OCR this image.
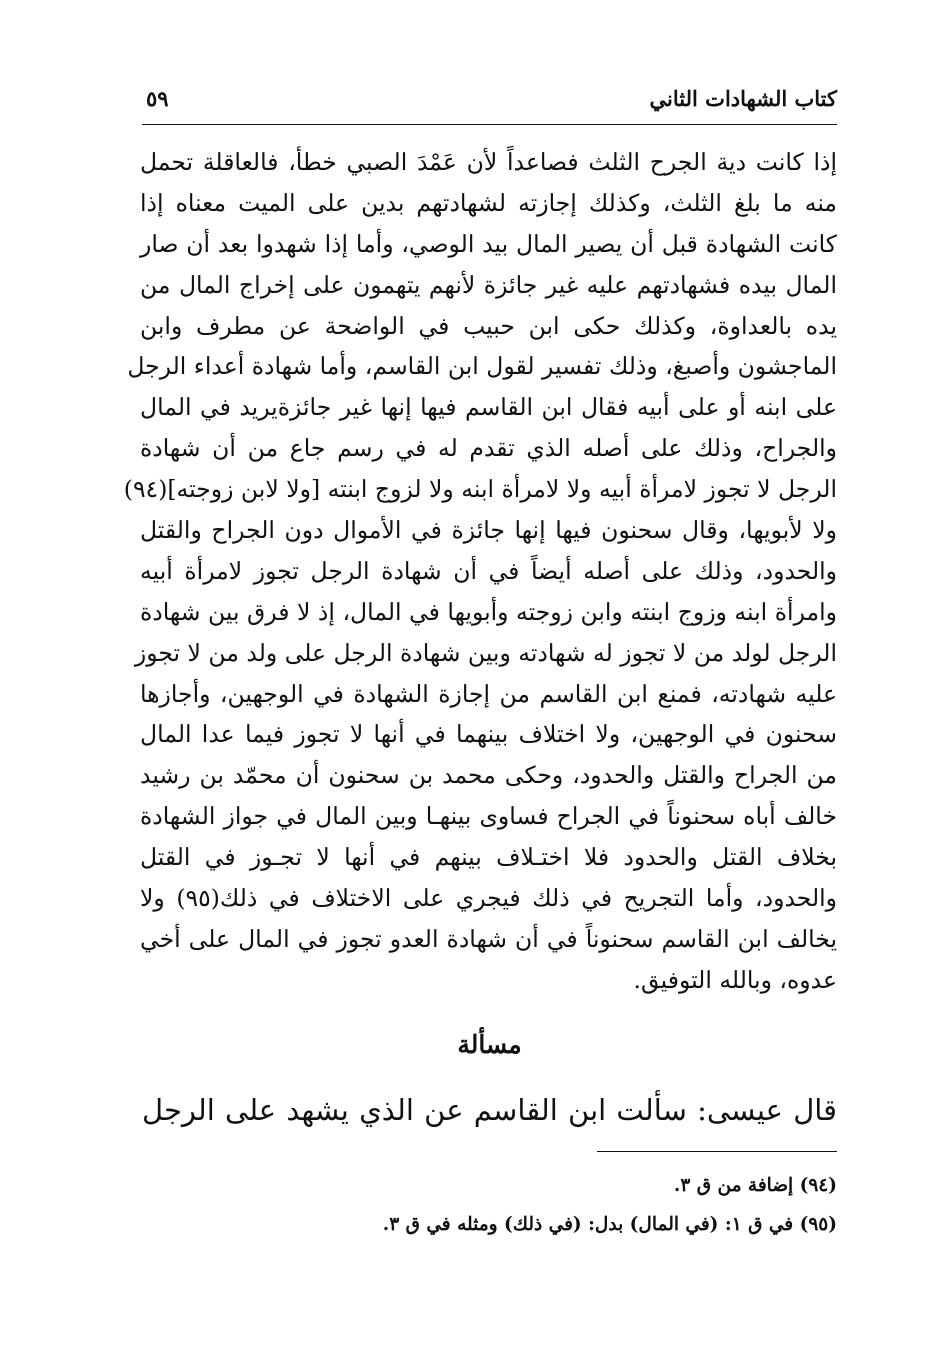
كتاب الشهادات الثاني
٥٩
إذا كانت دية الجرح الثلث فصاعداً لأن عَمْدَ الصبي خطأ، فالعاقلة تحمل
منه ما بلغ الثلث، وكذلك إجازته لشهادتهم بدين على الميت معناه إذا
كانت الشهادة قبل أن يصير المال بيد الوصي، وأما إذا شهدوا بعد أن صار
المال بيده فشهادتهم عليه غير جائزة لأنهم يتهمون على إخراج المال من
يده بالعداوة، وكذلك حكى ابن حبيب في الواضحة عن مطرف وابن
الماجشون وأصبغ، وذلك تفسير لقول ابن القاسم، وأما شهادة أعداء الرجل
على ابنه أو على أبيه فقال ابن القاسم فيها إنها غير جائزةيريد في المال
والجراح، وذلك على أصله الذي تقدم له في رسم جاع من أن شهادة
الرجل لا تجوز لامرأة أبيه ولا لامرأة ابنه ولا لزوج ابنته [ولا لابن زوجته](٩٤)
ولا لأبويها، وقال سحنون فيها إنها جائزة في الأموال دون الجراح والقتل
والحدود، وذلك على أصله أيضاً في أن شهادة الرجل تجوز لامرأة أبيه
وامرأة ابنه وزوج ابنته وابن زوجته وأبويها في المال، إذ لا فرق بين شهادة
الرجل لولد من لا تجوز له شهادته وبين شهادة الرجل على ولد من لا تجوز
عليه شهادته، فمنع ابن القاسم من إجازة الشهادة في الوجهين، وأجازها
سحنون في الوجهين، ولا اختلاف بينهما في أنها لا تجوز فيما عدا المال
من الجراح والقتل والحدود، وحكى محمد بن سحنون أن محمّد بن رشيد
خالف أباه سحنوناً في الجراح فساوى بينهـا وبين المال في جواز الشهادة
بخلاف القتل والحدود فلا اختـلاف بينهم في أنها لا تجـوز في القتل
والحدود، وأما التجريح في ذلك فيجري على الاختلاف في ذلك(٩٥) ولا
يخالف ابن القاسم سحنوناً في أن شهادة العدو تجوز في المال على أخي
عدوه، وبالله التوفيق.
مسألة
قال عيسى: سألت ابن القاسم عن الذي يشهد على الرجل
(٩٤) إضافة من ق ٣.
(٩٥) في ق ١: (في المال) بدل: (في ذلك) ومثله في ق ٣.
